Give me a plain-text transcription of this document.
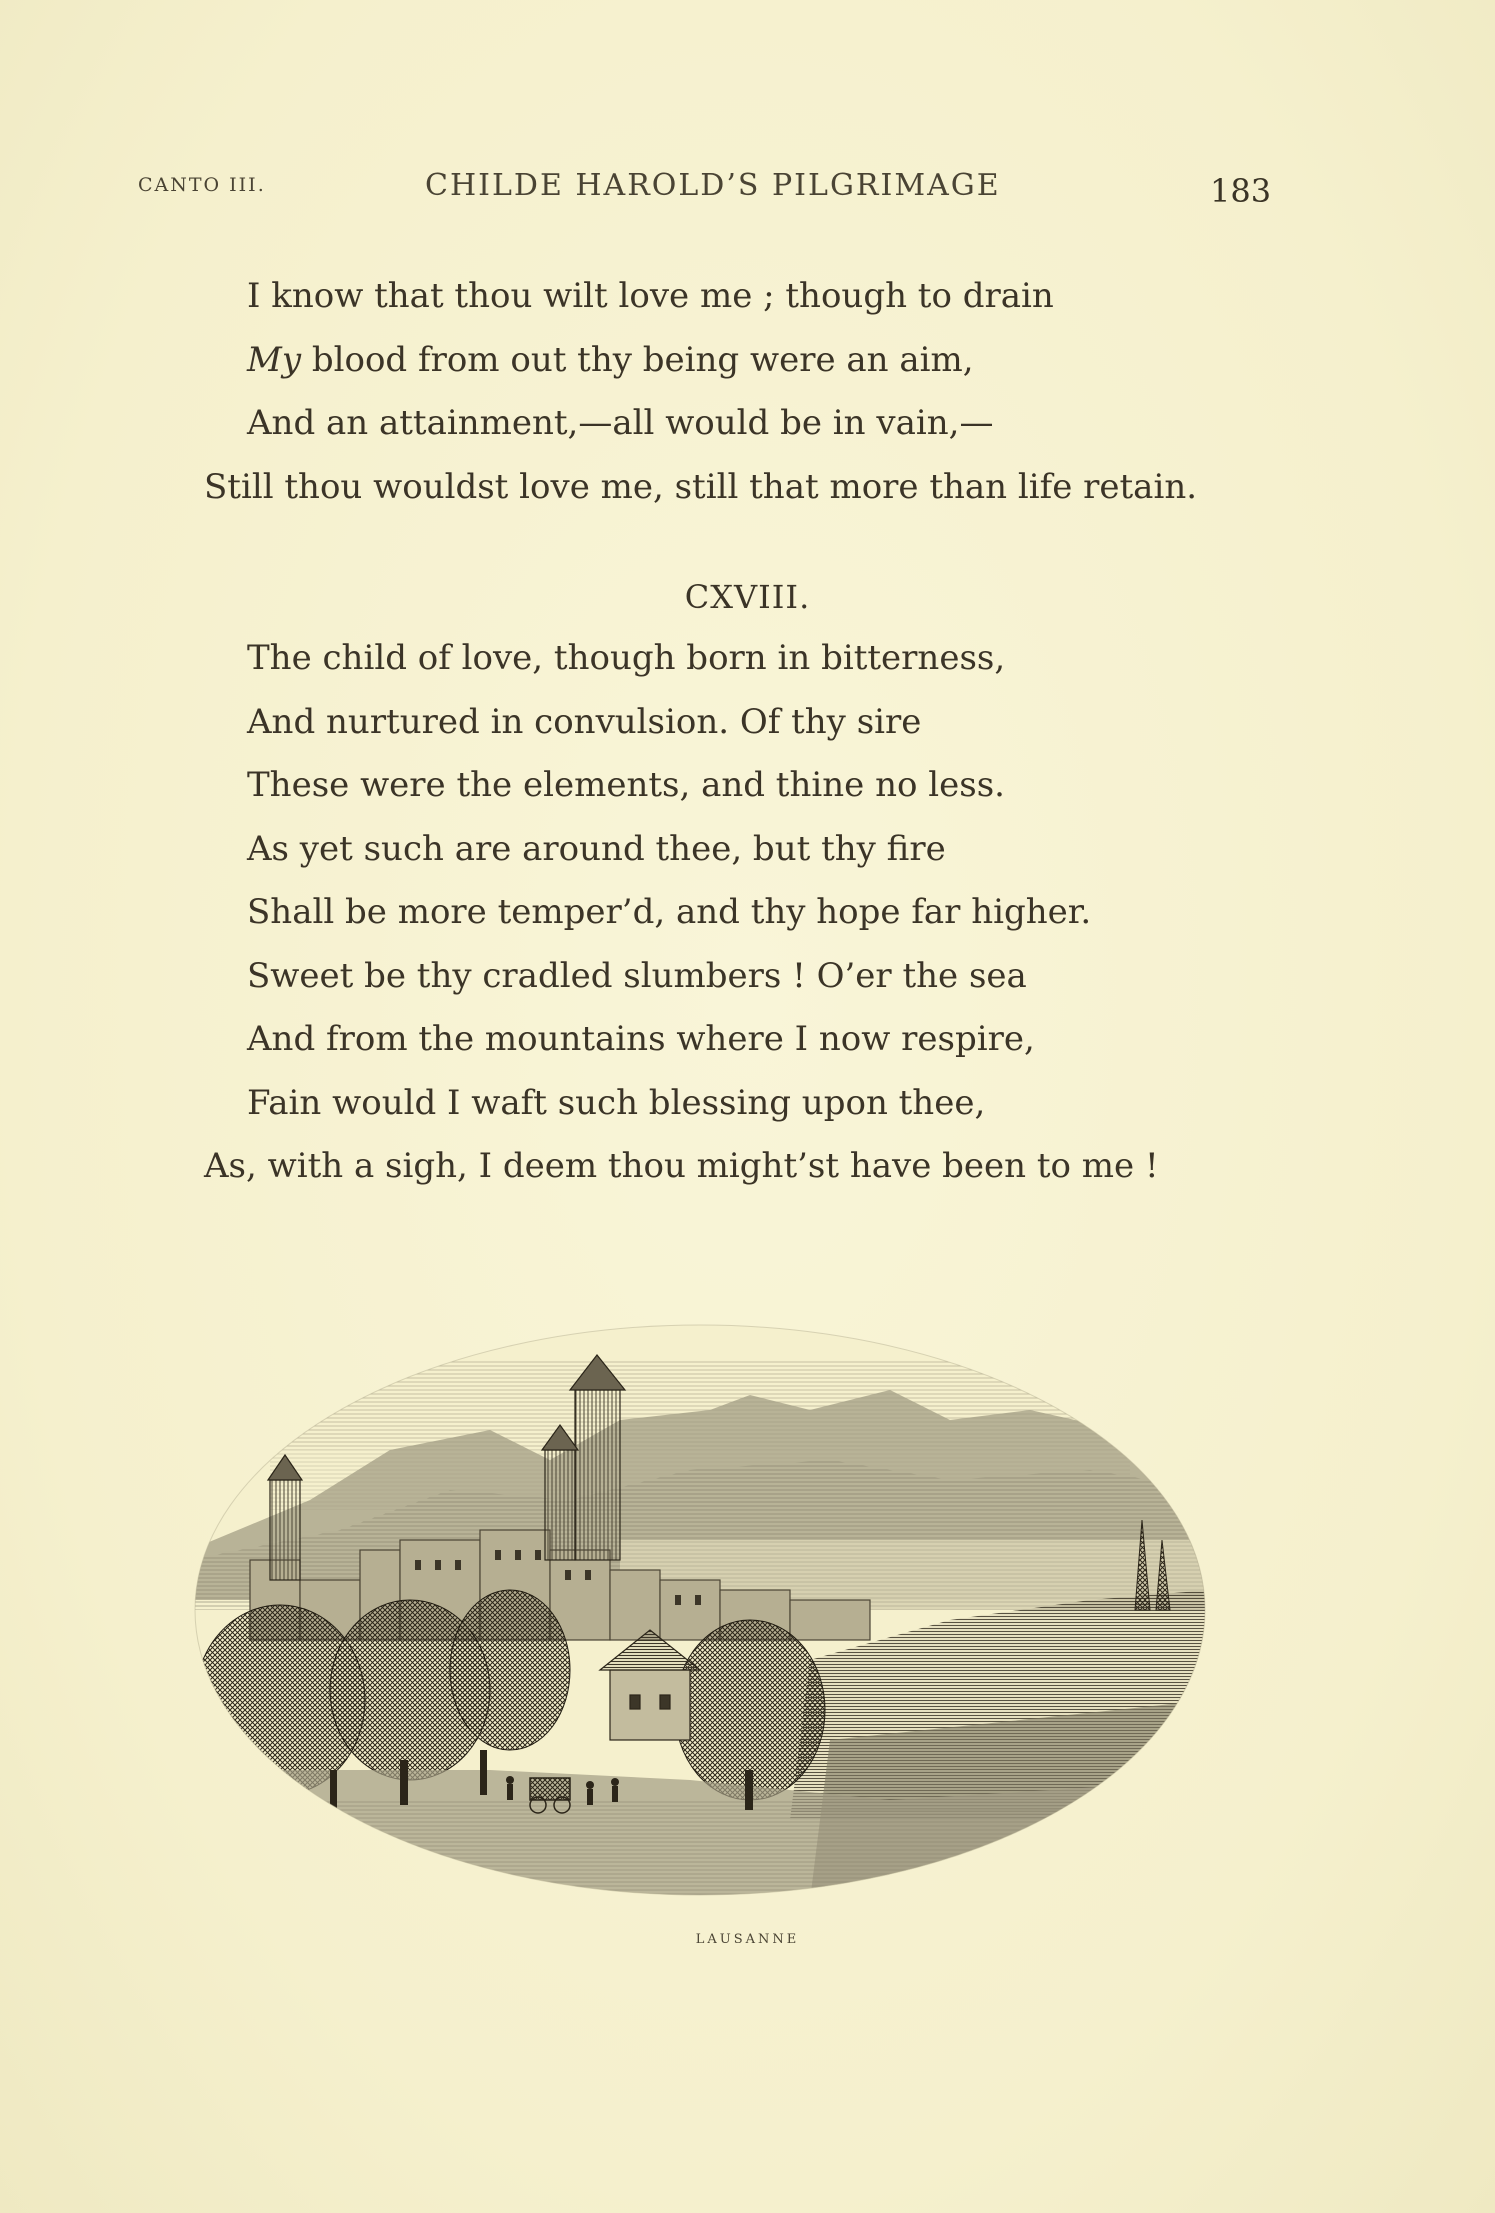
CANTO III.	CHILDE HAROLD’S PILGRIMAGE	183
I know that thou wilt love me ; though to drain
My blood from out thy being were an aim,
And an attainment,—all would be in vain,—
Still thou wouldst love me, still that more than life retain.
CXVIII.
The child of love, though born in bitterness,
And nurtured in convulsion. Of thy sire
These were the elements, and thine no less.
As yet such are around thee, but thy fire
Shall be more temper’d, and thy hope far higher.
Sweet be thy cradled slumbers ! O’er the sea
And from the mountains where I now respire,
Fain would I waft such blessing upon thee,
As, with a sigh, I deem thou might’st have been to me !
LAUSANNE
